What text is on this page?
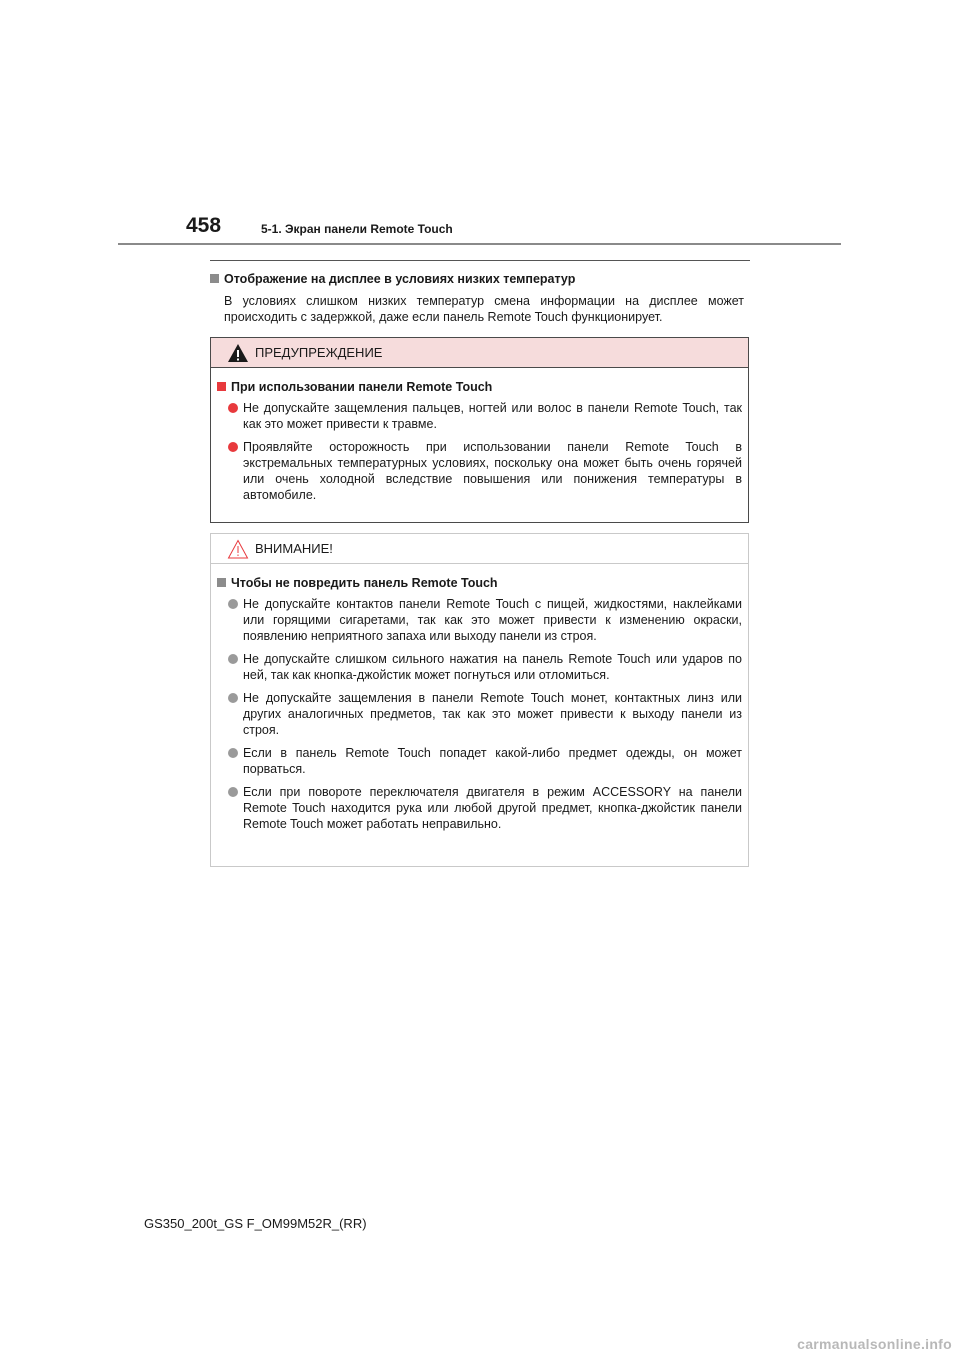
458	5-1. Экран панели Remote Touch
Отображение на дисплее в условиях низких температур
В условиях слишком низких температур смена информации на дисплее может происходить с задержкой, даже если панель Remote Touch функционирует.
ПРЕДУПРЕЖДЕНИЕ
При использовании панели Remote Touch
Не допускайте защемления пальцев, ногтей или волос в панели Remote Touch, так как это может привести к травме.
Проявляйте осторожность при использовании панели Remote Touch в экстремальных температурных условиях, поскольку она может быть очень горячей или очень холодной вследствие повышения или понижения температуры в автомобиле.
ВНИМАНИЕ!
Чтобы не повредить панель Remote Touch
Не допускайте контактов панели Remote Touch с пищей, жидкостями, наклейками или горящими сигаретами, так как это может привести к изменению окраски, появлению неприятного запаха или выходу панели из строя.
Не допускайте слишком сильного нажатия на панель Remote Touch или ударов по ней, так как кнопка-джойстик может погнуться или отломиться.
Не допускайте защемления в панели Remote Touch монет, контактных линз или других аналогичных предметов, так как это может привести к выходу панели из строя.
Если в панель Remote Touch попадет какой-либо предмет одежды, он может порваться.
Если при повороте переключателя двигателя в режим ACCESSORY на панели Remote Touch находится рука или любой другой предмет, кнопка-джойстик панели Remote Touch может работать неправильно.
GS350_200t_GS F_OM99M52R_(RR)
carmanualsonline.info
